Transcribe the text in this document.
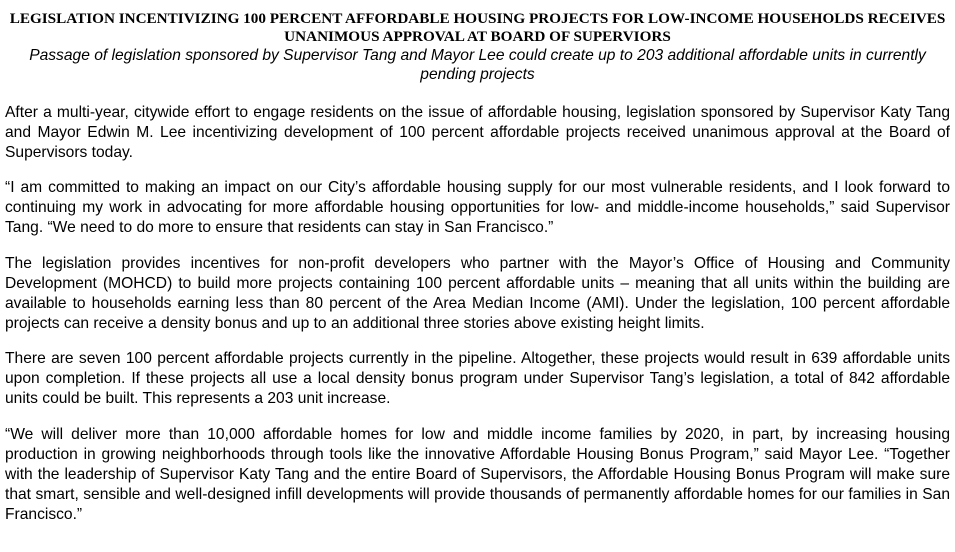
LEGISLATION INCENTIVIZING 100 PERCENT AFFORDABLE HOUSING PROJECTS FOR LOW-INCOME HOUSEHOLDS RECEIVES UNANIMOUS APPROVAL AT BOARD OF SUPERVIORS
Passage of legislation sponsored by Supervisor Tang and Mayor Lee could create up to 203 additional affordable units in currently pending projects

After a multi-year, citywide effort to engage residents on the issue of affordable housing, legislation sponsored by Supervisor Katy Tang and Mayor Edwin M. Lee incentivizing development of 100 percent affordable projects received unanimous approval at the Board of Supervisors today.

“I am committed to making an impact on our City’s affordable housing supply for our most vulnerable residents, and I look forward to continuing my work in advocating for more affordable housing opportunities for low- and middle-income households,” said Supervisor Tang. “We need to do more to ensure that residents can stay in San Francisco.”

The legislation provides incentives for non-profit developers who partner with the Mayor’s Office of Housing and Community Development (MOHCD) to build more projects containing 100 percent affordable units – meaning that all units within the building are available to households earning less than 80 percent of the Area Median Income (AMI). Under the legislation, 100 percent affordable projects can receive a density bonus and up to an additional three stories above existing height limits.

There are seven 100 percent affordable projects currently in the pipeline. Altogether, these projects would result in 639 affordable units upon completion. If these projects all use a local density bonus program under Supervisor Tang’s legislation, a total of 842 affordable units could be built. This represents a 203 unit increase.

“We will deliver more than 10,000 affordable homes for low and middle income families by 2020, in part, by increasing housing production in growing neighborhoods through tools like the innovative Affordable Housing Bonus Program,” said Mayor Lee. “Together with the leadership of Supervisor Katy Tang and the entire Board of Supervisors, the Affordable Housing Bonus Program will make sure that smart, sensible and well-designed infill developments will provide thousands of permanently affordable homes for our families in San Francisco.”
